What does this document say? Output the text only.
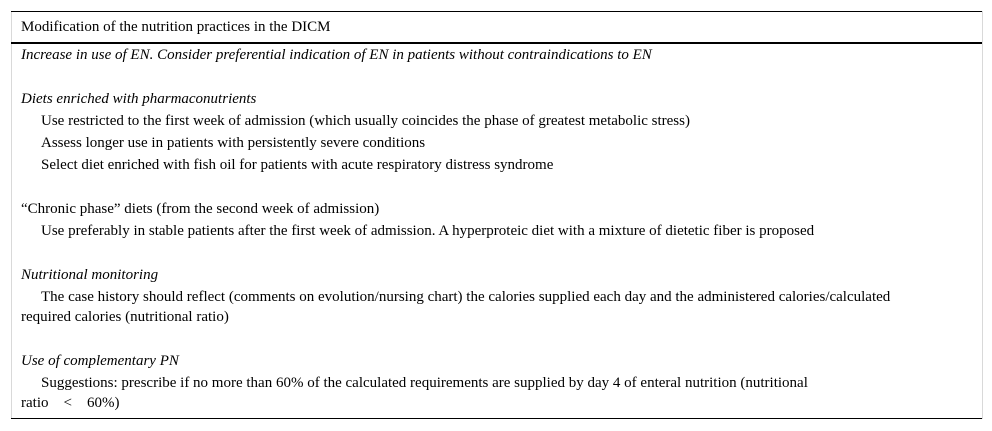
Modification of the nutrition practices in the DICM
Increase in use of EN. Consider preferential indication of EN in patients without contraindications to EN
Diets enriched with pharmaconutrients
Use restricted to the first week of admission (which usually coincides the phase of greatest metabolic stress)
Assess longer use in patients with persistently severe conditions
Select diet enriched with fish oil for patients with acute respiratory distress syndrome
“Chronic phase” diets (from the second week of admission)
Use preferably in stable patients after the first week of admission. A hyperproteic diet with a mixture of dietetic fiber is proposed
Nutritional monitoring
The case history should reflect (comments on evolution/nursing chart) the calories supplied each day and the administered calories/calculated
required calories (nutritional ratio)
Use of complementary PN
Suggestions: prescribe if no more than 60% of the calculated requirements are supplied by day 4 of enteral nutrition (nutritional
ratio    <    60%)
